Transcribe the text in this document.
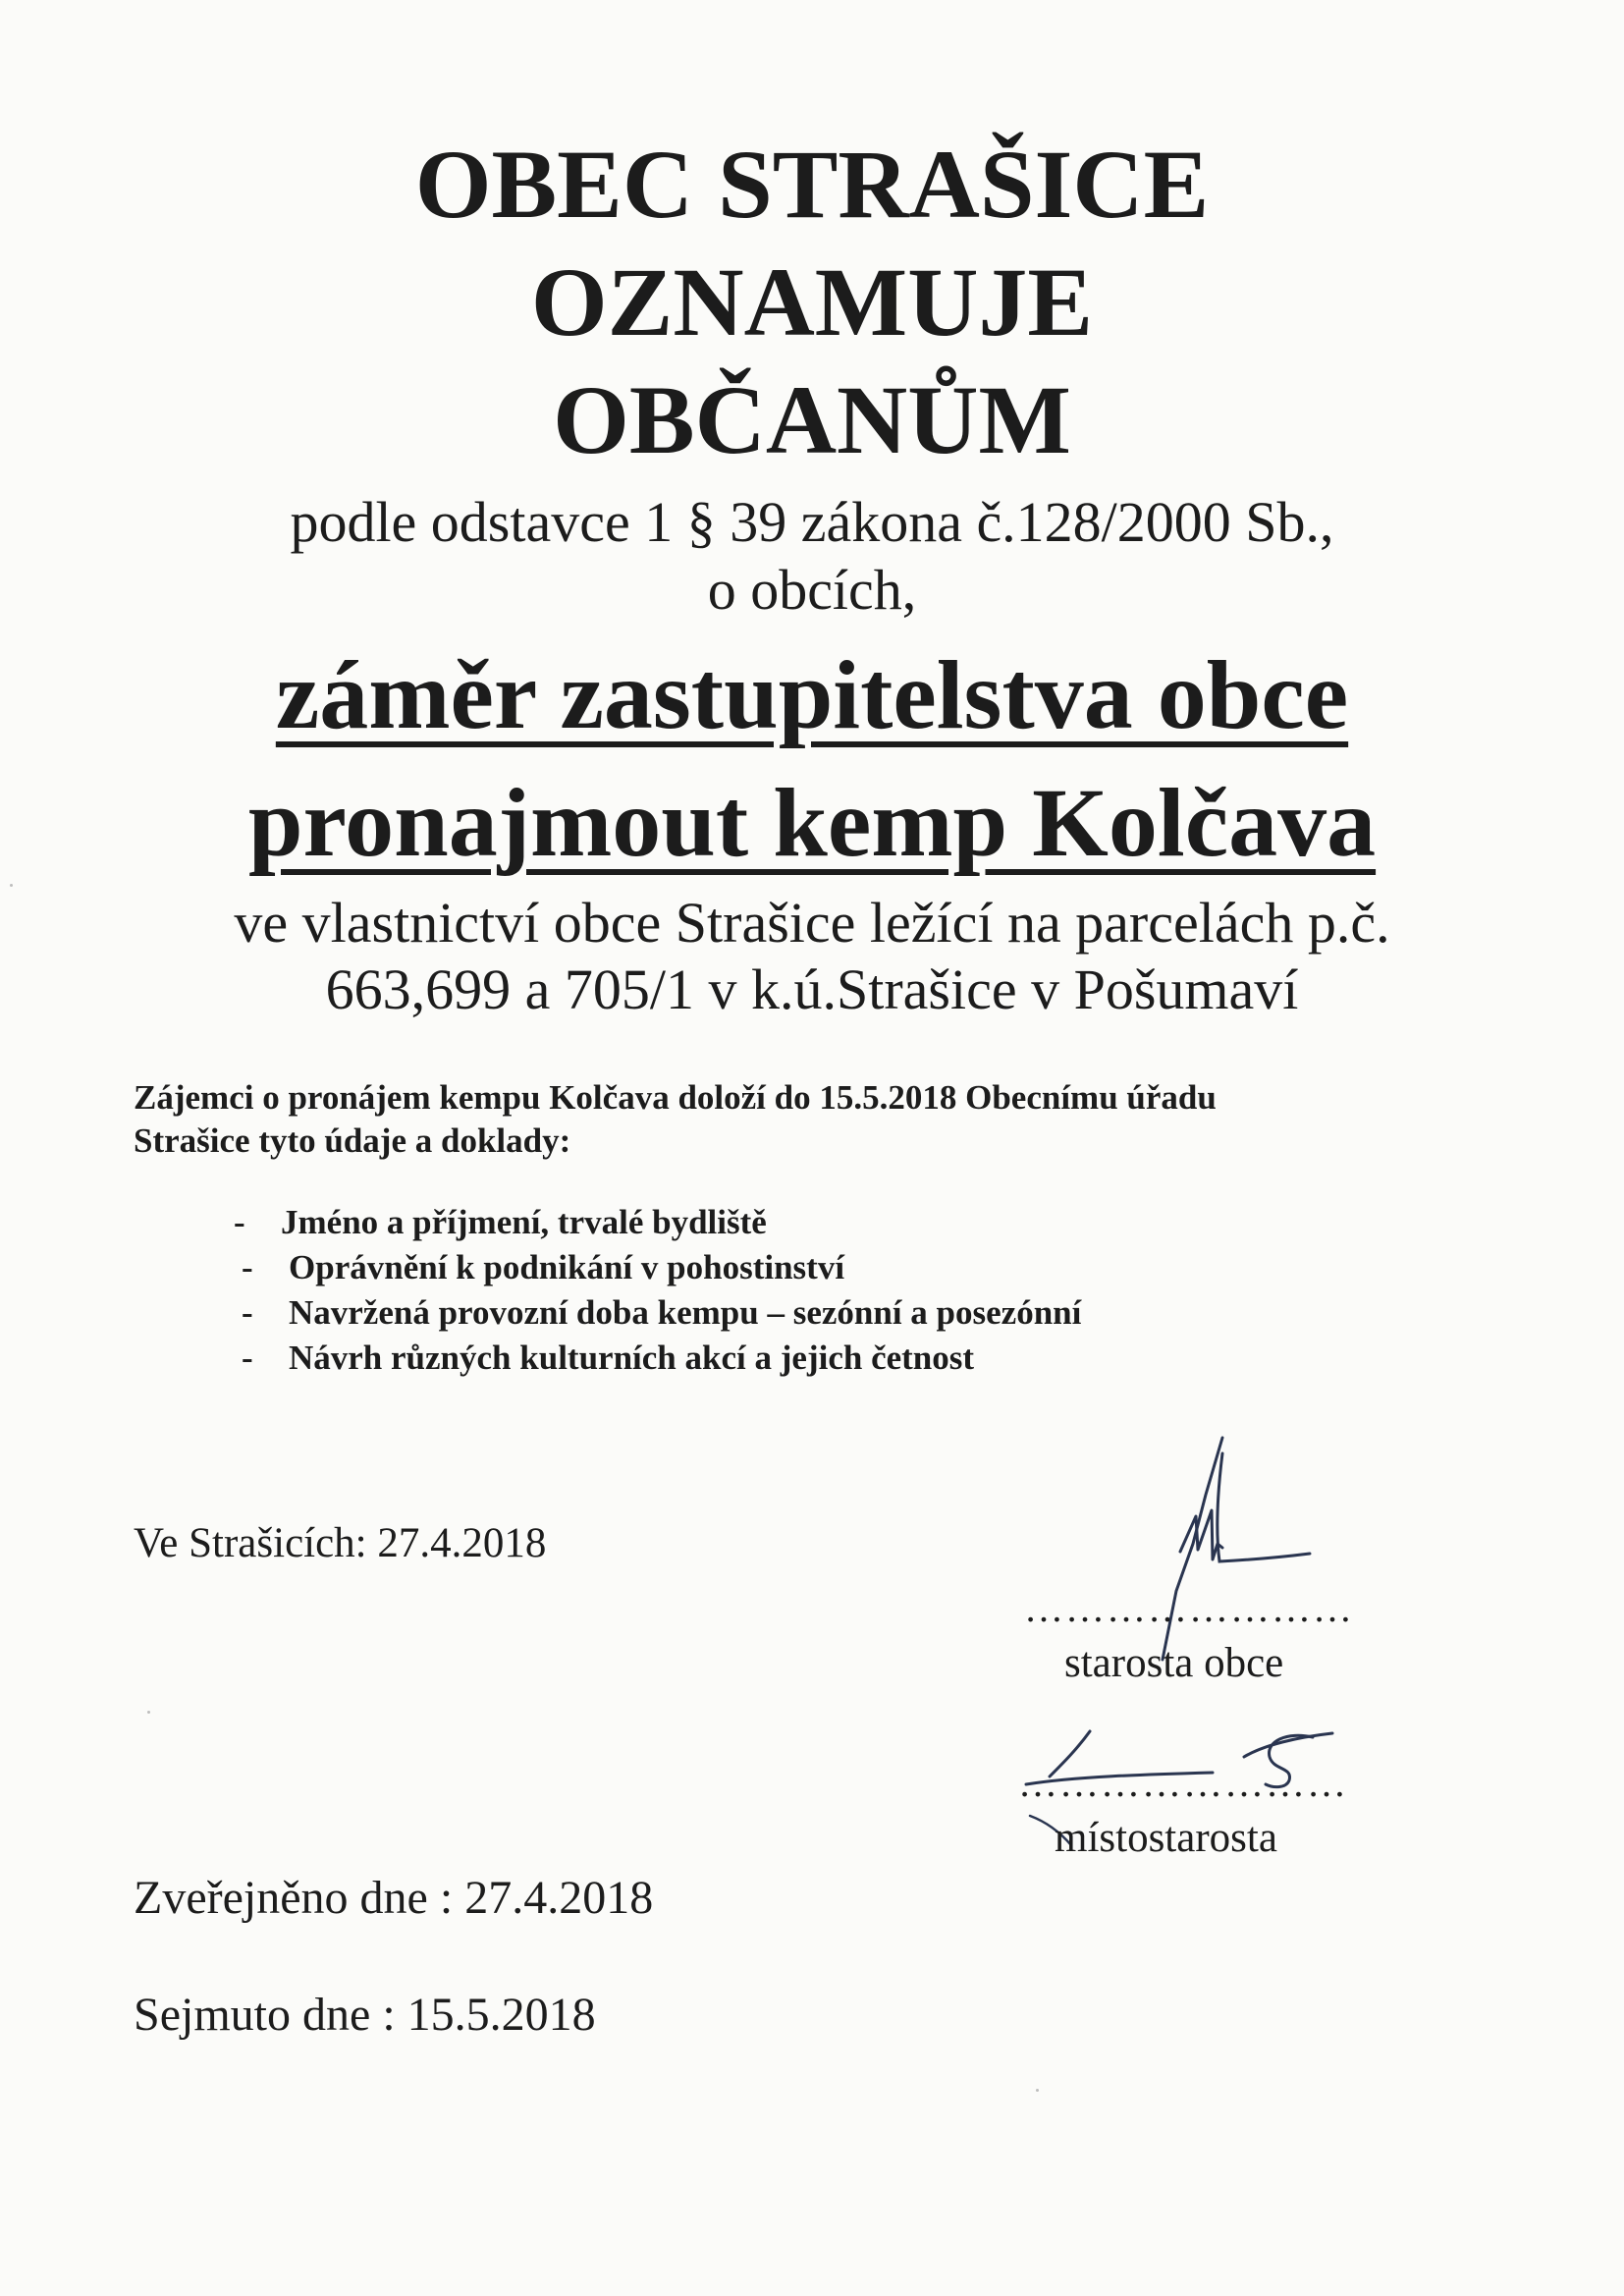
OBEC STRAŠICE
OZNAMUJE
OBČANŮM
podle odstavce 1 § 39 zákona č.128/2000 Sb.,
o obcích,
záměr zastupitelstva obce
pronajmout kemp Kolčava
ve vlastnictví obce Strašice ležící na parcelách p.č.
663,699 a 705/1 v k.ú.Strašice v Pošumaví
Zájemci o pronájem kempu Kolčava doloží do 15.5.2018 Obecnímu úřadu
Strašice tyto údaje a doklady:
- Jméno a příjmení, trvalé bydliště
- Oprávnění k podnikání v pohostinství
- Navržená provozní doba kempu – sezónní a posezónní
- Návrh různých kulturních akcí a jejich četnost
Ve Strašicích: 27.4.2018
……………………
starosta obce
……………………
místostarosta
Zveřejněno dne : 27.4.2018
Sejmuto dne : 15.5.2018
